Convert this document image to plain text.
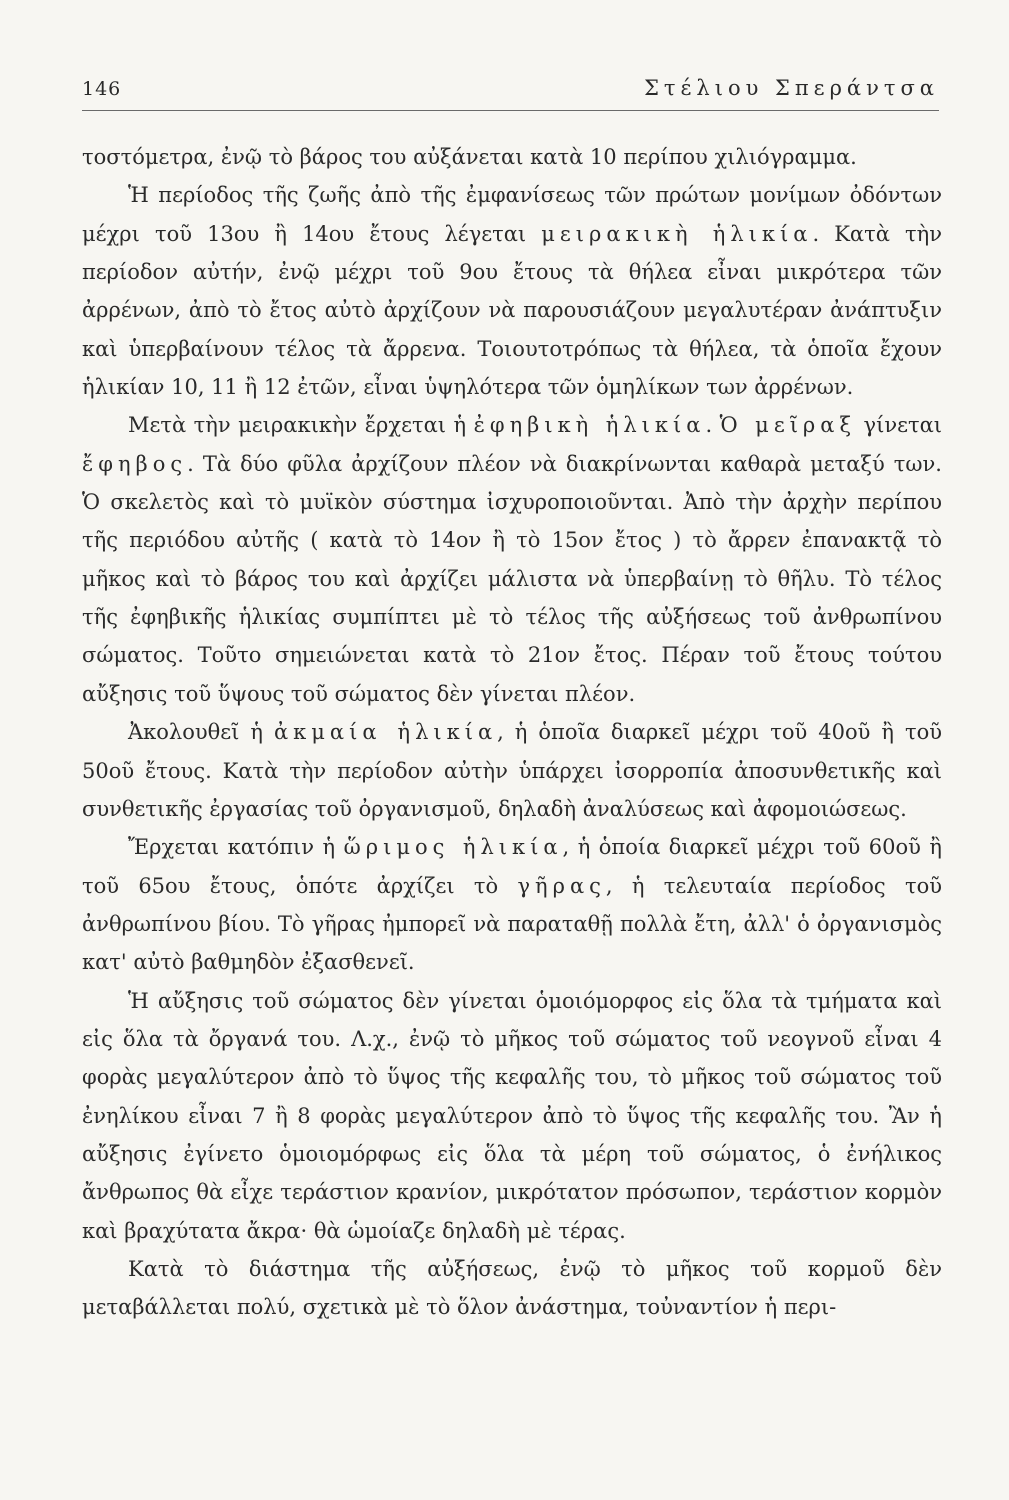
146	Στέλιου Σπεράντσα

τοστόμετρα, ἐνῷ τὸ βάρος του αὐξάνεται κατὰ 10 περίπου χιλιόγραμμα.

Ἡ περίοδος τῆς ζωῆς ἀπὸ τῆς ἐμφανίσεως τῶν πρώτων μονίμων ὀδόντων μέχρι τοῦ 13ου ἢ 14ου ἔτους λέγεται μειρακικὴ ἡλικία. Κατὰ τὴν περίοδον αὐτήν, ἐνῷ μέχρι τοῦ 9ου ἔτους τὰ θήλεα εἶναι μικρότερα τῶν ἀρρένων, ἀπὸ τὸ ἔτος αὐτὸ ἀρχίζουν νὰ παρουσιάζουν μεγαλυτέραν ἀνάπτυξιν καὶ ὑπερβαίνουν τέλος τὰ ἄρρενα. Τοιουτοτρόπως τὰ θήλεα, τὰ ὁποῖα ἔχουν ἡλικίαν 10, 11 ἢ 12 ἐτῶν, εἶναι ὑψηλότερα τῶν ὁμηλίκων των ἀρρένων.

Μετὰ τὴν μειρακικὴν ἔρχεται ἡ ἐφηβικὴ ἡλικία. Ὁ μεῖραξ γίνεται ἔφηβος. Τὰ δύο φῦλα ἀρχίζουν πλέον νὰ διακρίνωνται καθαρὰ μεταξύ των. Ὁ σκελετὸς καὶ τὸ μυϊκὸν σύστημα ἰσχυροποιοῦνται. Ἀπὸ τὴν ἀρχὴν περίπου τῆς περιόδου αὐτῆς ( κατὰ τὸ 14ον ἢ τὸ 15ον ἔτος ) τὸ ἄρρεν ἐπανακτᾷ τὸ μῆκος καὶ τὸ βάρος του καὶ ἀρχίζει μάλιστα νὰ ὑπερβαίνῃ τὸ θῆλυ. Τὸ τέλος τῆς ἐφηβικῆς ἡλικίας συμπίπτει μὲ τὸ τέλος τῆς αὐξήσεως τοῦ ἀνθρωπίνου σώματος. Τοῦτο σημειώνεται κατὰ τὸ 21ον ἔτος. Πέραν τοῦ ἔτους τούτου αὔξησις τοῦ ὕψους τοῦ σώματος δὲν γίνεται πλέον.

Ἀκολουθεῖ ἡ ἀκμαία ἡλικία, ἡ ὁποῖα διαρκεῖ μέχρι τοῦ 40οῦ ἢ τοῦ 50οῦ ἔτους. Κατὰ τὴν περίοδον αὐτὴν ὑπάρχει ἰσορροπία ἀποσυνθετικῆς καὶ συνθετικῆς ἐργασίας τοῦ ὀργανισμοῦ, δηλαδὴ ἀναλύσεως καὶ ἀφομοιώσεως.

Ἔρχεται κατόπιν ἡ ὥριμος ἡλικία, ἡ ὁποία διαρκεῖ μέχρι τοῦ 60οῦ ἢ τοῦ 65ου ἔτους, ὁπότε ἀρχίζει τὸ γῆρας, ἡ τελευταία περίοδος τοῦ ἀνθρωπίνου βίου. Τὸ γῆρας ἠμπορεῖ νὰ παραταθῇ πολλὰ ἔτη, ἀλλ' ὁ ὀργανισμὸς κατ' αὐτὸ βαθμηδὸν ἐξασθενεῖ.

Ἡ αὔξησις τοῦ σώματος δὲν γίνεται ὁμοιόμορφος εἰς ὅλα τὰ τμήματα καὶ εἰς ὅλα τὰ ὄργανά του. Λ.χ., ἐνῷ τὸ μῆκος τοῦ σώματος τοῦ νεογνοῦ εἶναι 4 φορὰς μεγαλύτερον ἀπὸ τὸ ὕψος τῆς κεφαλῆς του, τὸ μῆκος τοῦ σώματος τοῦ ἐνηλίκου εἶναι 7 ἢ 8 φορὰς μεγαλύτερον ἀπὸ τὸ ὕψος τῆς κεφαλῆς του. Ἂν ἡ αὔξησις ἐγίνετο ὁμοιομόρφως εἰς ὅλα τὰ μέρη τοῦ σώματος, ὁ ἐνήλικος ἄνθρωπος θὰ εἶχε τεράστιον κρανίον, μικρότατον πρόσωπον, τεράστιον κορμὸν καὶ βραχύτατα ἄκρα· θὰ ὡμοίαζε δηλαδὴ μὲ τέρας.

Κατὰ τὸ διάστημα τῆς αὐξήσεως, ἐνῷ τὸ μῆκος τοῦ κορμοῦ δὲν μεταβάλλεται πολύ, σχετικὰ μὲ τὸ ὅλον ἀνάστημα, τοὐναντίον ἡ περι-
